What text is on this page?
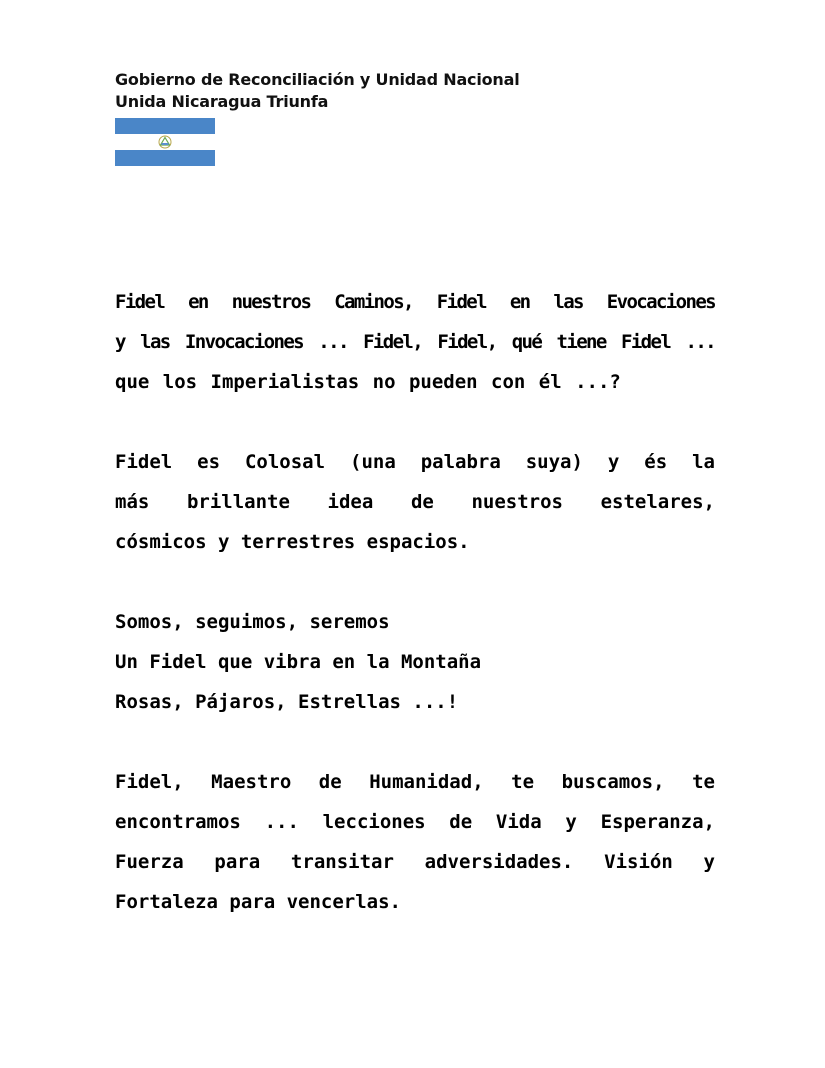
Gobierno de Reconciliación y Unidad Nacional
Unida Nicaragua Triunfa
Fidel en nuestros Caminos, Fidel en las Evocaciones
y las Invocaciones ... Fidel, Fidel, qué tiene Fidel ...
que los Imperialistas no pueden con él ...?
Fidel es Colosal (una palabra suya) y és la
más brillante idea de nuestros estelares,
cósmicos y terrestres espacios.
Somos, seguimos, seremos
Un Fidel que vibra en la Montaña
Rosas, Pájaros, Estrellas ...!
Fidel, Maestro de Humanidad, te buscamos, te
encontramos ... lecciones de Vida y Esperanza,
Fuerza para transitar adversidades. Visión y
Fortaleza para vencerlas.
